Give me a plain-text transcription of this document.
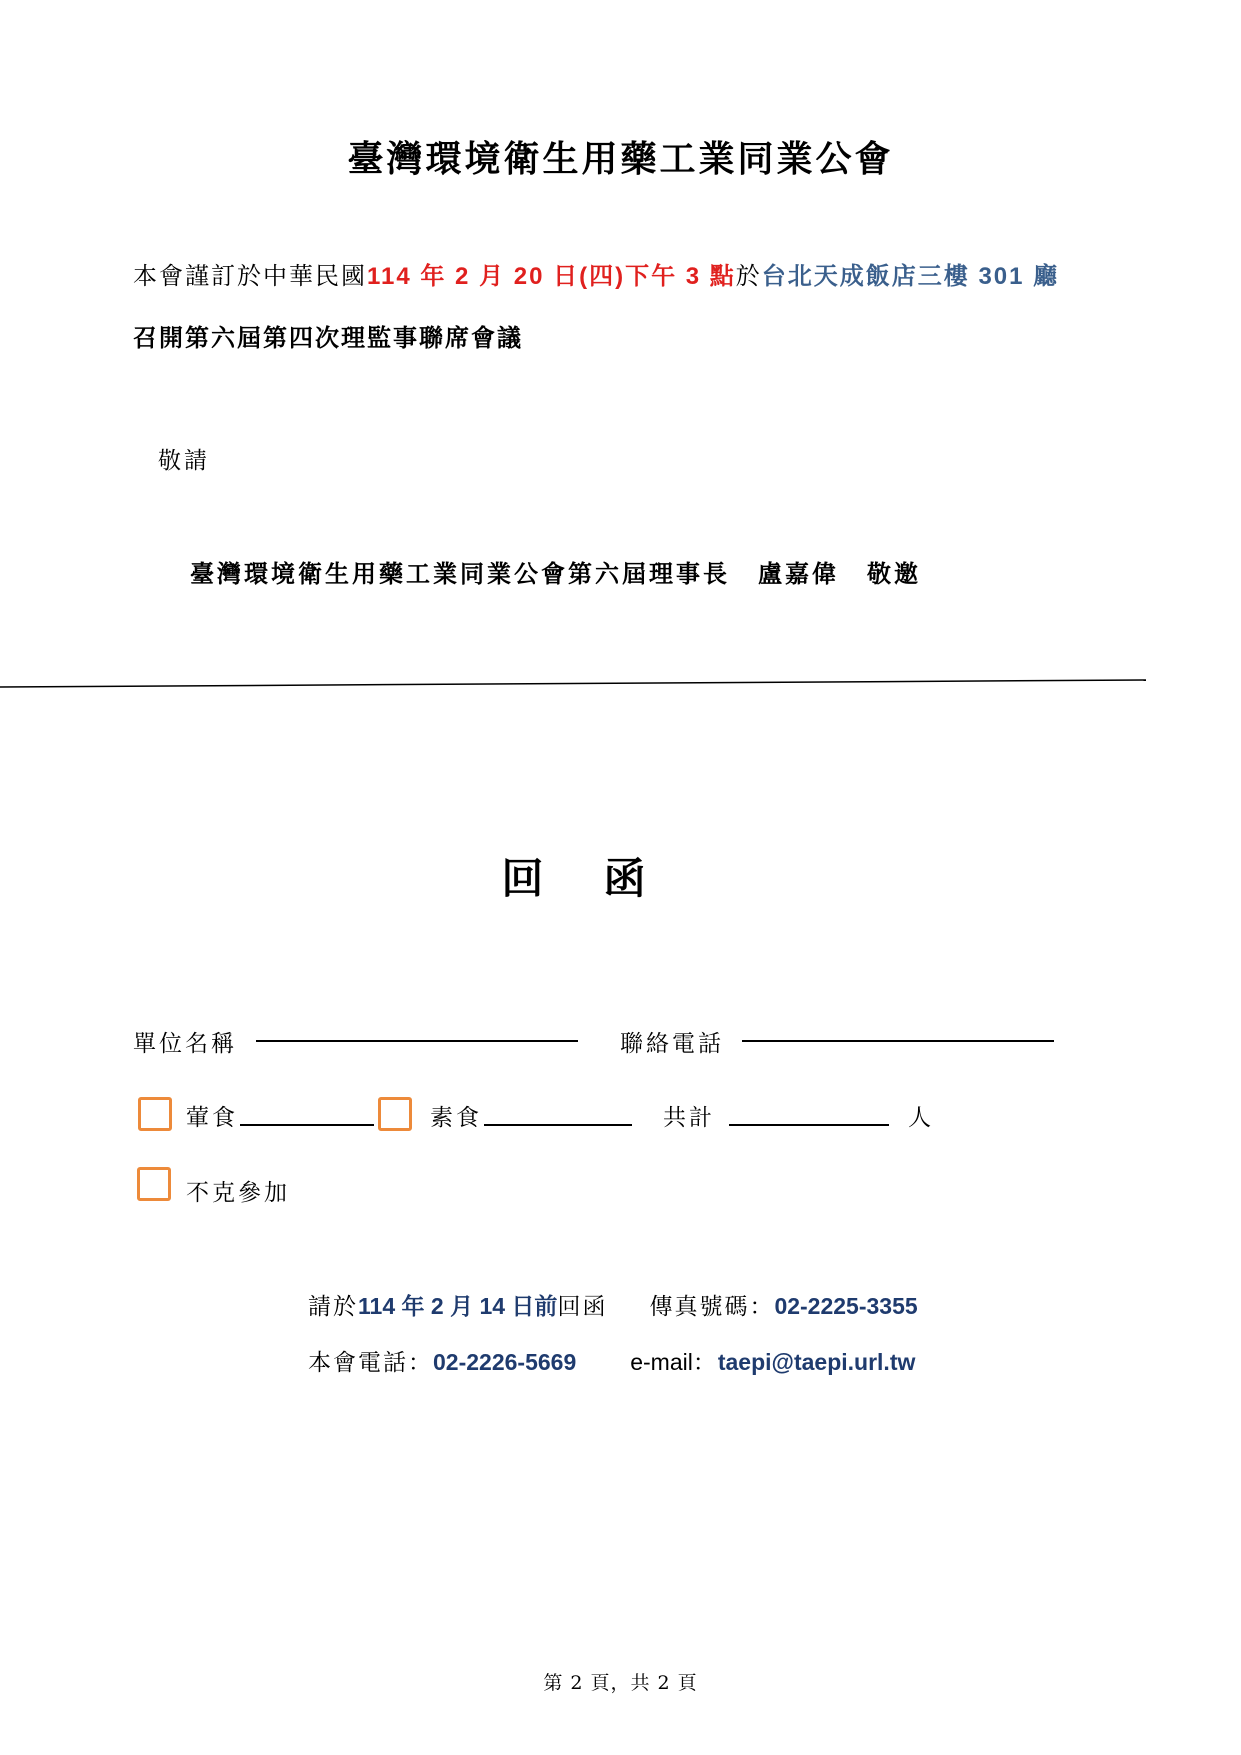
臺灣環境衛生用藥工業同業公會
本會謹訂於中華民國114 年 2 月 20 日(四)下午 3 點於台北天成飯店三樓 301 廳
召開第六屆第四次理監事聯席會議
敬請
臺灣環境衛生用藥工業同業公會第六屆理事長 盧嘉偉 敬邀
回函
單位名稱	聯絡電話
葷食	素食	共計	人
不克參加
請於114 年 2 月 14 日前回函 傳真號碼：02-2225-3355
本會電話：02-2226-5669 e-mail：taepi@taepi.url.tw
第 2 頁，共 2 頁
